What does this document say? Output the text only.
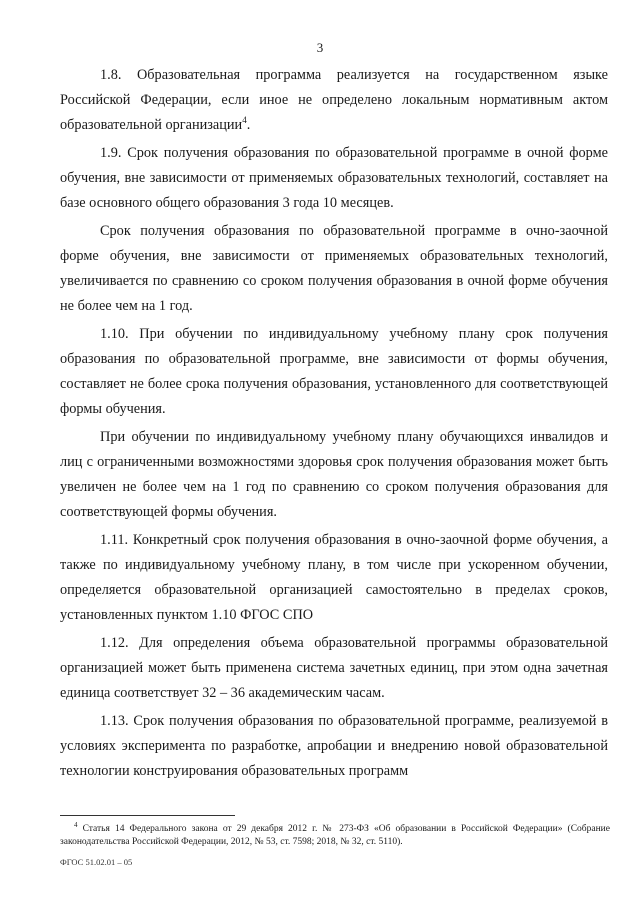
3

1.8. Образовательная программа реализуется на государственном языке Российской Федерации, если иное не определено локальным нормативным актом образовательной организации$^4$.

1.9. Срок получения образования по образовательной программе в очной форме обучения, вне зависимости от применяемых образовательных технологий, составляет на базе основного общего образования 3 года 10 месяцев.

Срок получения образования по образовательной программе в очно-заочной форме обучения, вне зависимости от применяемых образовательных технологий, увеличивается по сравнению со сроком получения образования в очной форме обучения не более чем на 1 год.

1.10. При обучении по индивидуальному учебному плану срок получения образования по образовательной программе, вне зависимости от формы обучения, составляет не более срока получения образования, установленного для соответствующей формы обучения.

При обучении по индивидуальному учебному плану обучающихся инвалидов и лиц с ограниченными возможностями здоровья срок получения образования может быть увеличен не более чем на 1 год по сравнению со сроком получения образования для соответствующей формы обучения.

1.11. Конкретный срок получения образования в очно-заочной форме обучения, а также по индивидуальному учебному плану, в том числе при ускоренном обучении, определяется образовательной организацией самостоятельно в пределах сроков, установленных пунктом 1.10 ФГОС СПО

1.12. Для определения объема образовательной программы образовательной организацией может быть применена система зачетных единиц, при этом одна зачетная единица соответствует 32 – 36 академическим часам.

1.13. Срок получения образования по образовательной программе, реализуемой в условиях эксперимента по разработке, апробации и внедрению новой образовательной технологии конструирования образовательных программ

$^4$ Статья 14 Федерального закона от 29 декабря 2012 г. № 273-ФЗ «Об образовании в Российской Федерации» (Собрание законодательства Российской Федерации, 2012, № 53, ст. 7598; 2018, № 32, ст. 5110).

ФГОС 51.02.01 – 05
